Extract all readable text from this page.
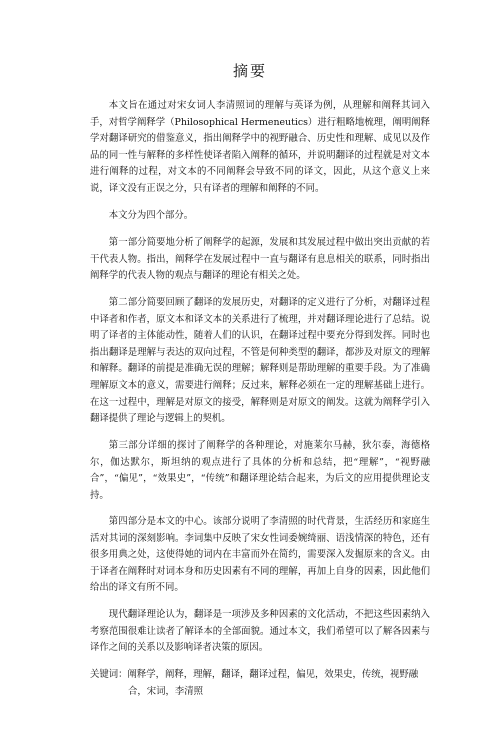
摘要

本文旨在通过对宋女词人李清照词的理解与英译为例，从理解和阐释其词入手，对哲学阐释学（Philosophical Hermeneutics）进行粗略地梳理，阐明阐释学对翻译研究的借鉴意义，指出阐释学中的视野融合、历史性和理解、成见以及作品的同一性与解释的多样性使译者陷入阐释的循环，并说明翻译的过程就是对文本进行阐释的过程，对文本的不同阐释会导致不同的译文，因此，从这个意义上来说，译文没有正误之分，只有译者的理解和阐释的不同。

本文分为四个部分。

第一部分简要地分析了阐释学的起源，发展和其发展过程中做出突出贡献的若干代表人物。指出，阐释学在发展过程中一直与翻译有息息相关的联系，同时指出阐释学的代表人物的观点与翻译的理论有相关之处。

第二部分简要回顾了翻译的发展历史，对翻译的定义进行了分析，对翻译过程中译者和作者，原文本和译文本的关系进行了梳理，并对翻译理论进行了总结。说明了译者的主体能动性，随着人们的认识，在翻译过程中要充分得到发挥。同时也指出翻译是理解与表达的双向过程，不管是何种类型的翻译，都涉及对原文的理解和解释。翻译的前提是准确无误的理解；解释则是帮助理解的重要手段。为了准确理解原文本的意义，需要进行阐释；反过来，解释必须在一定的理解基础上进行。在这一过程中，理解是对原文的接受，解释则是对原文的阐发。这就为阐释学引入翻译提供了理论与逻辑上的契机。

第三部分详细的探讨了阐释学的各种理论，对施莱尔马赫，狄尔泰，海德格尔，伽达默尔，斯坦纳的观点进行了具体的分析和总结，把“理解”，“视野融合”，“偏见”，“效果史”，“传统”和翻译理论结合起来，为后文的应用提供理论支持。

第四部分是本文的中心。该部分说明了李清照的时代背景，生活经历和家庭生活对其词的深刻影响。李词集中反映了宋女性词委婉绮丽、语浅情深的特色，还有很多用典之处，这使得她的词内在丰富而外在简约，需要深入发掘原来的含义。由于译者在阐释时对词本身和历史因素有不同的理解，再加上自身的因素，因此他们给出的译文有所不同。

现代翻译理论认为，翻译是一项涉及多种因素的文化活动，不把这些因素纳入考察范围很难让读者了解译本的全部面貌。通过本文，我们希望可以了解各因素与译作之间的关系以及影响译者决策的原因。

关键词：阐释学，阐释，理解，翻译，翻译过程，偏见，效果史，传统，视野融合，宋词，李清照
